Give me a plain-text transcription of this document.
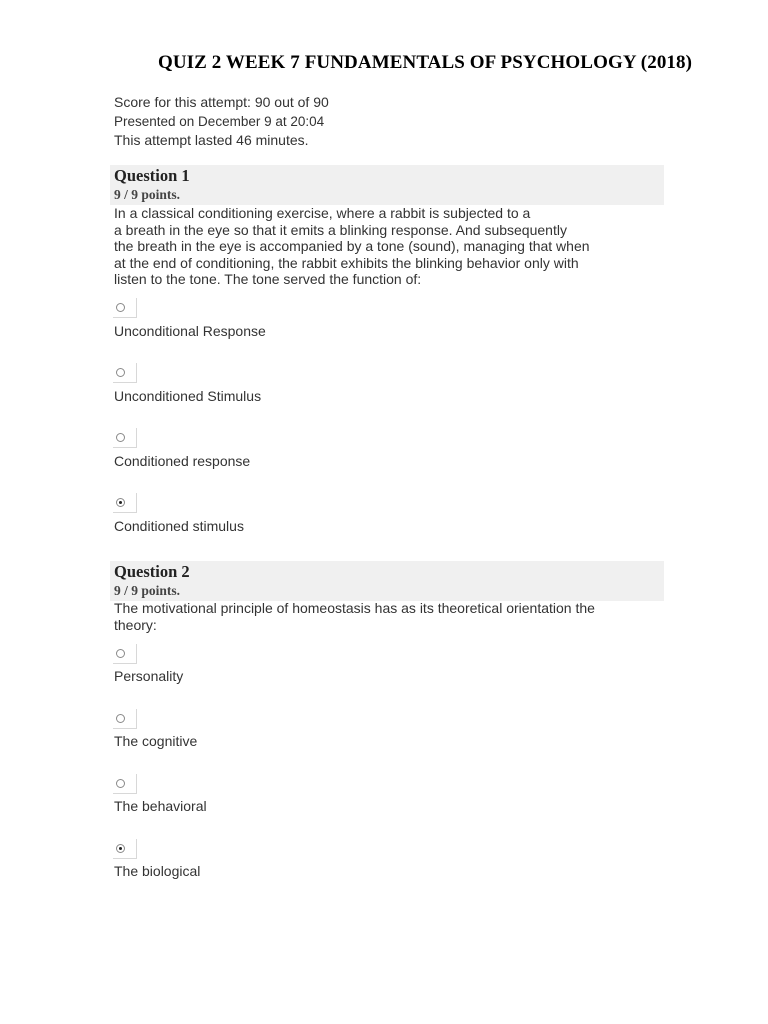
QUIZ 2 WEEK 7 FUNDAMENTALS OF PSYCHOLOGY (2018)
Score for this attempt: 90 out of 90
Presented on December 9 at 20:04
This attempt lasted 46 minutes.
Question 1
9 / 9 points.
In a classical conditioning exercise, where a rabbit is subjected to a
a breath in the eye so that it emits a blinking response. And subsequently
the breath in the eye is accompanied by a tone (sound), managing that when
at the end of conditioning, the rabbit exhibits the blinking behavior only with
listen to the tone. The tone served the function of:
Unconditional Response
Unconditioned Stimulus
Conditioned response
Conditioned stimulus
Question 2
9 / 9 points.
The motivational principle of homeostasis has as its theoretical orientation the
theory:
Personality
The cognitive
The behavioral
The biological
